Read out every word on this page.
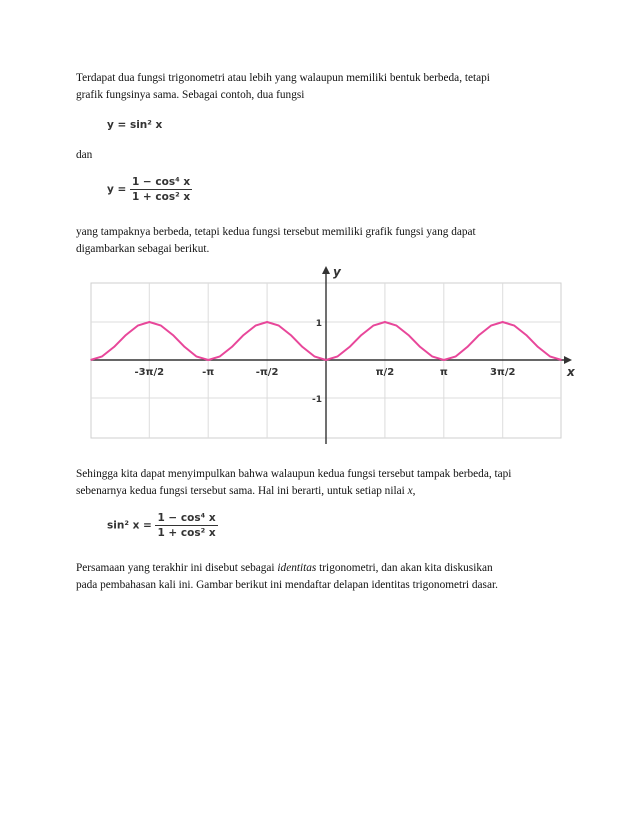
Terdapat dua fungsi trigonometri atau lebih yang walaupun memiliki bentuk berbeda, tetapi
grafik fungsinya sama. Sebagai contoh, dua fungsi

y = sin² x

dan

$y = \frac{\text{1 − cos⁴ x}}{\text{1 + cos² x}}$

yang tampaknya berbeda, tetapi kedua fungsi tersebut memiliki grafik fungsi yang dapat
digambarkan sebagai berikut.

x
y
-3π/2	-π	-π/2	π/2	π	3π/2
1
-1

Sehingga kita dapat menyimpulkan bahwa walaupun kedua fungsi tersebut tampak berbeda, tapi
sebenarnya kedua fungsi tersebut sama. Hal ini berarti, untuk setiap nilai x,

sin² $x = \frac{\text{1 − cos⁴ x}}{\text{1 + cos² x}}$

Persamaan yang terakhir ini disebut sebagai identitas trigonometri, dan akan kita diskusikan
pada pembahasan kali ini. Gambar berikut ini mendaftar delapan identitas trigonometri dasar.
